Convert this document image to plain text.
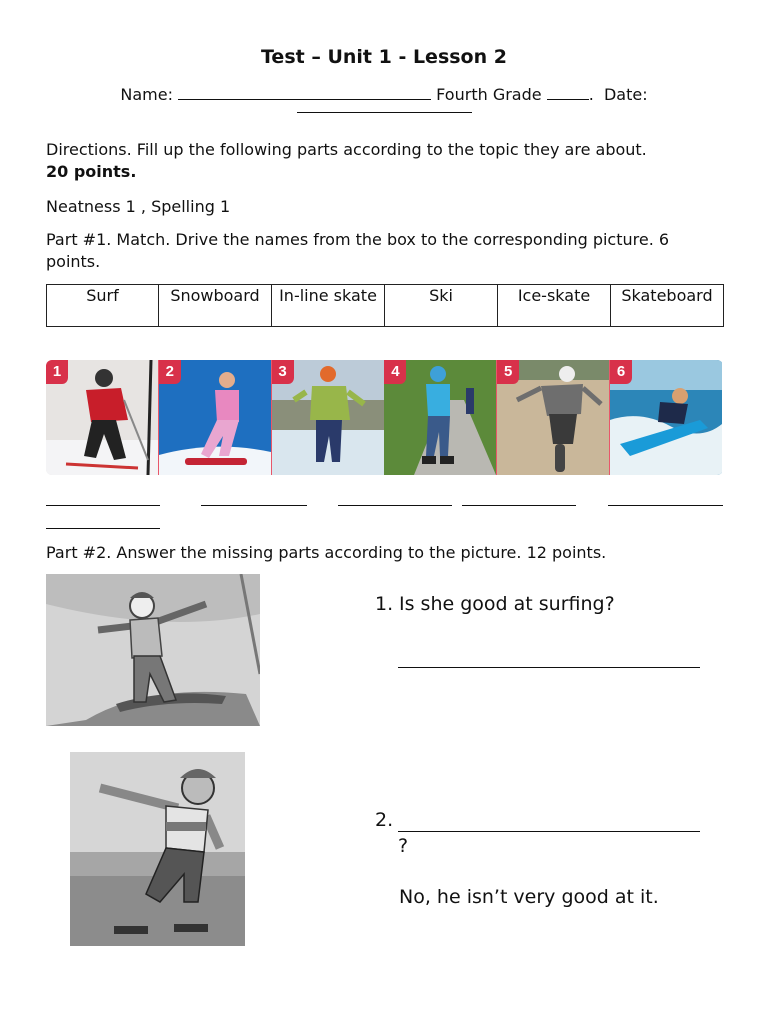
Test – Unit 1 - Lesson 2
Name:	Fourth Grade	. Date:
Directions. Fill up the following parts according to the topic they are about.
20 points.
Neatness 1 , Spelling 1
Part #1. Match. Drive the names from the box to the corresponding picture. 6 points.
Surf	Snowboard	In-line skate	Ski	Ice-skate	Skateboard
1	2	3	4	5	6
Part #2. Answer the missing parts according to the picture. 12 points.
1. Is she good at surfing?
2.
?
No, he isn’t very good at it.
